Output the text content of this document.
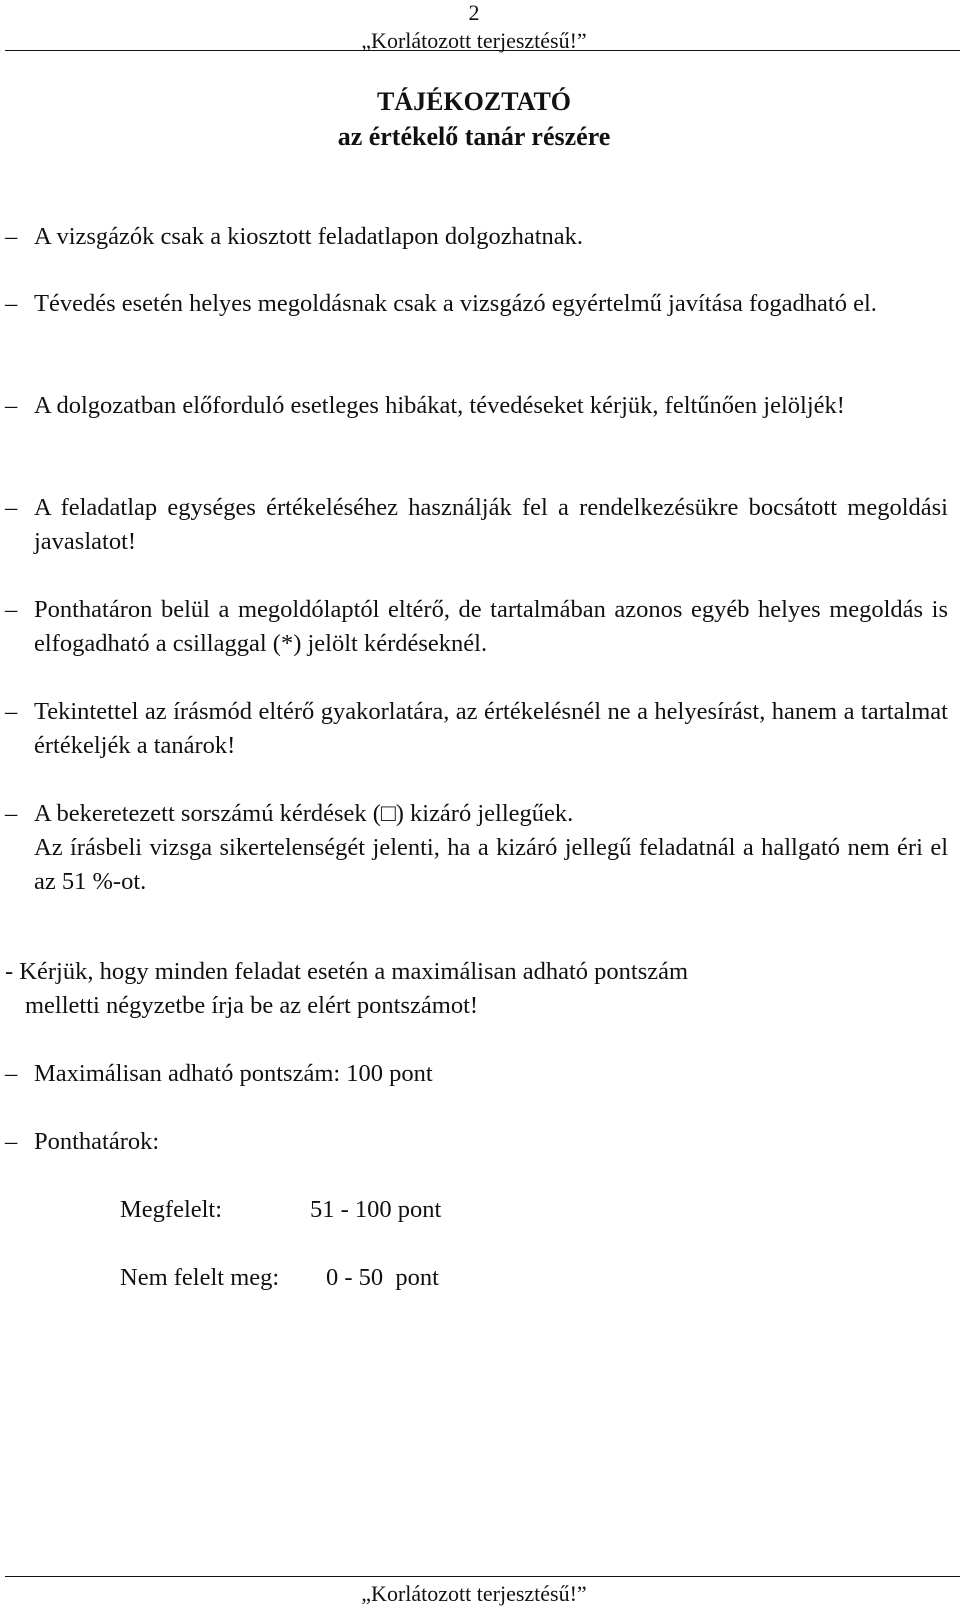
2
„Korlátozott terjesztésű!”
TÁJÉKOZTATÓ
az értékelő tanár részére
– A vizsgázók csak a kiosztott feladatlapon dolgozhatnak.
– Tévedés esetén helyes megoldásnak csak a vizsgázó egyértelmű javítása fogadható el.
– A dolgozatban előforduló esetleges hibákat, tévedéseket kérjük, feltűnően jelöljék!
– A feladatlap egységes értékeléséhez használják fel a rendelkezésükre bocsátott megoldási javaslatot!
– Ponthatáron belül a megoldólaptól eltérő, de tartalmában azonos egyéb helyes megoldás is elfogadható a csillaggal (*) jelölt kérdéseknél.
– Tekintettel az írásmód eltérő gyakorlatára, az értékelésnél ne a helyesírást, hanem a tartalmat értékeljék a tanárok!
– A bekeretezett sorszámú kérdések (□) kizáró jellegűek.
Az írásbeli vizsga sikertelenségét jelenti, ha a kizáró jellegű feladatnál a hallgató nem éri el az 51 %-ot.
- Kérjük, hogy minden feladat esetén a maximálisan adható pontszám
melletti négyzetbe írja be az elért pontszámot!
– Maximálisan adható pontszám: 100 pont
– Ponthatárok:
Megfelelt:	51 - 100 pont
Nem felelt meg: 0 - 50  pont
„Korlátozott terjesztésű!”
